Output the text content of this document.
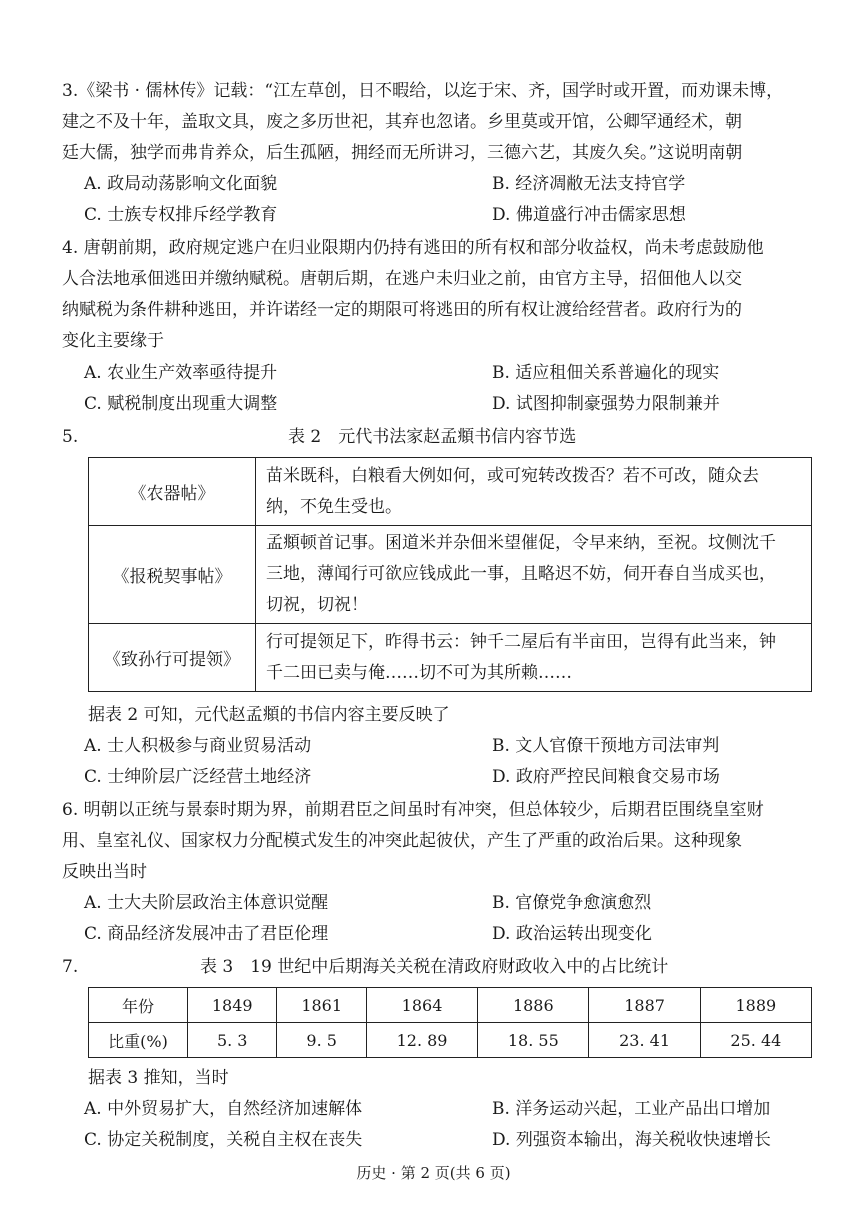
3.《梁书 · 儒林传》记载：“江左草创，日不暇给，以迄于宋、齐，国学时或开置，而劝课未博，
建之不及十年，盖取文具，废之多历世祀，其弃也忽诸。乡里莫或开馆，公卿罕通经术，朝
廷大儒，独学而弗肯养众，后生孤陋，拥经而无所讲习，三德六艺，其废久矣。”这说明南朝
A. 政局动荡影响文化面貌	B. 经济凋敝无法支持官学
C. 士族专权排斥经学教育	D. 佛道盛行冲击儒家思想
4. 唐朝前期，政府规定逃户在归业限期内仍持有逃田的所有权和部分收益权，尚未考虑鼓励他
人合法地承佃逃田并缴纳赋税。唐朝后期，在逃户未归业之前，由官方主导，招佃他人以交
纳赋税为条件耕种逃田，并许诺经一定的期限可将逃田的所有权让渡给经营者。政府行为的
变化主要缘于
A. 农业生产效率亟待提升	B. 适应租佃关系普遍化的现实
C. 赋税制度出现重大调整	D. 试图抑制豪强势力限制兼并
5.	表 2　元代书法家赵孟頫书信内容节选
《农器帖》	苗米既科，白粮看大例如何，或可宛转改拨否？若不可改，随众去
纳，不免生受也。

《报税契事帖》	孟頫顿首记事。囷道米并杂佃米望催促，令早来纳，至祝。坟侧沈千
三地，薄闻行可欲应钱成此一事，且略迟不妨，伺开春自当成买也，
切祝，切祝！

《致孙行可提领》	行可提领足下，昨得书云：钟千二屋后有半亩田，岂得有此当来，钟
千二田已卖与俺……切不可为其所赖……
据表 2 可知，元代赵孟頫的书信内容主要反映了
A. 士人积极参与商业贸易活动	B. 文人官僚干预地方司法审判
C. 士绅阶层广泛经营土地经济	D. 政府严控民间粮食交易市场
6. 明朝以正统与景泰时期为界，前期君臣之间虽时有冲突，但总体较少，后期君臣围绕皇室财
用、皇室礼仪、国家权力分配模式发生的冲突此起彼伏，产生了严重的政治后果。这种现象
反映出当时
A. 士大夫阶层政治主体意识觉醒	B. 官僚党争愈演愈烈
C. 商品经济发展冲击了君臣伦理	D. 政治运转出现变化
7.	表 3　19 世纪中后期海关关税在清政府财政收入中的占比统计
年份	1849	1861	1864	1886	1887	1889
比重(%)	5. 3	9. 5	12. 89	18. 55	23. 41	25. 44
据表 3 推知，当时
A. 中外贸易扩大，自然经济加速解体	B. 洋务运动兴起，工业产品出口增加
C. 协定关税制度，关税自主权在丧失	D. 列强资本输出，海关税收快速增长
历史 · 第 2 页(共 6 页)
